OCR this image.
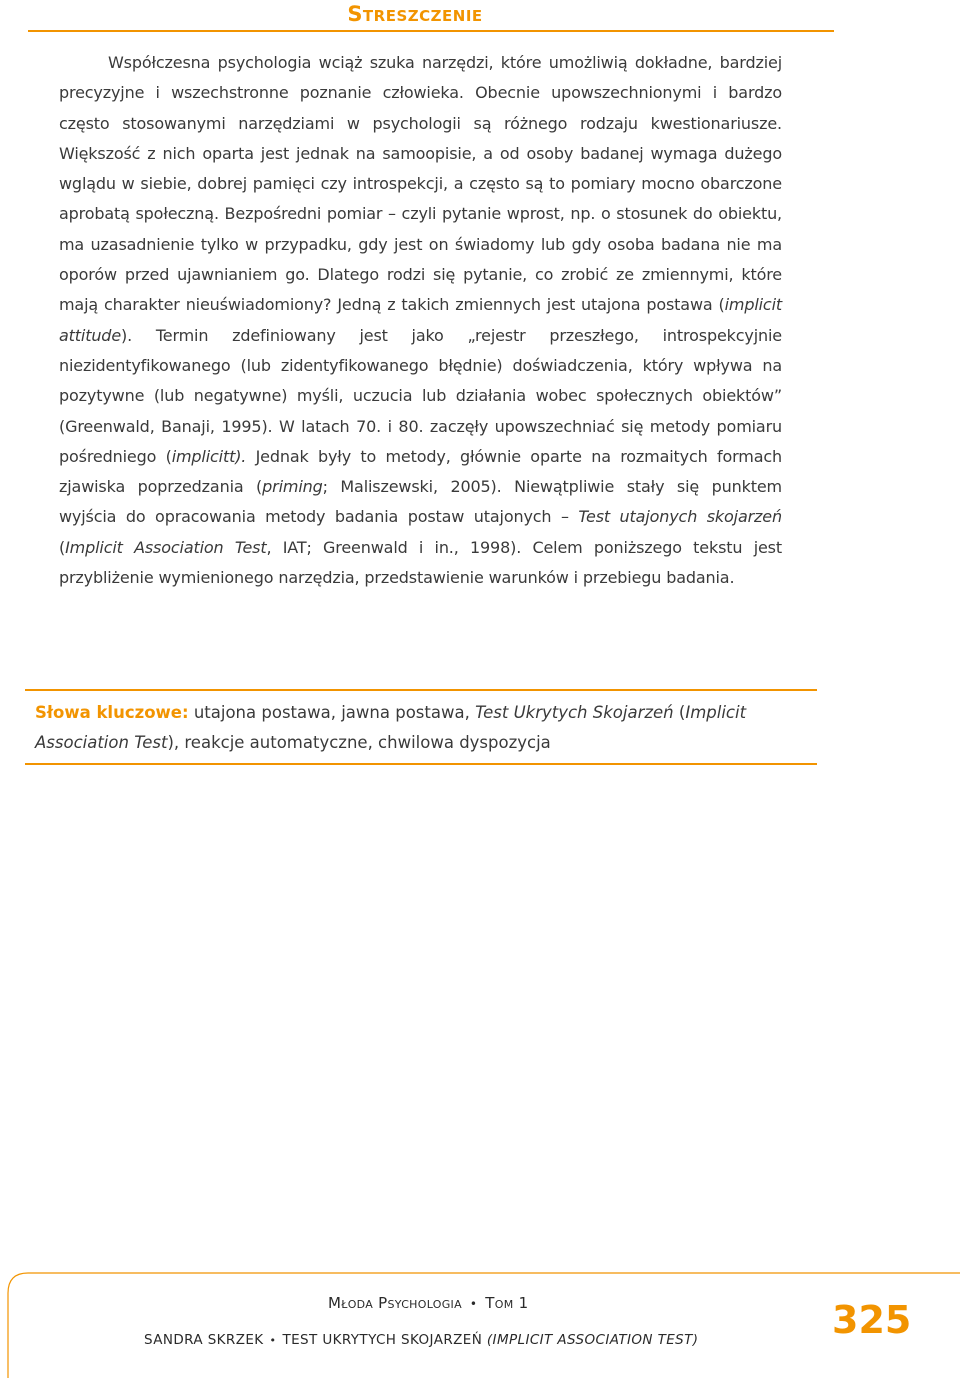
Streszczenie

Współczesna psychologia wciąż szuka narzędzi, które umożliwią dokładne, bardziej precyzyjne i wszechstronne poznanie człowieka. Obecnie upowszechnionymi i bardzo często stosowanymi narzędziami w psychologii są różnego rodzaju kwestionariusze. Większość z nich oparta jest jednak na samoopisie, a od osoby badanej wymaga dużego wglądu w siebie, dobrej pamięci czy introspekcji, a często są to pomiary mocno obarczone aprobatą społeczną. Bezpośredni pomiar – czyli pytanie wprost, np. o stosunek do obiektu, ma uzasadnienie tylko w przypadku, gdy jest on świadomy lub gdy osoba badana nie ma oporów przed ujawnianiem go. Dlatego rodzi się pytanie, co zrobić ze zmiennymi, które mają charakter nieuświadomiony? Jedną z takich zmiennych jest utajona postawa (implicit attitude). Termin zdefiniowany jest jako „rejestr przeszłego, introspekcyjnie niezidentyfikowanego (lub zidentyfikowanego błędnie) doświadczenia, który wpływa na pozytywne (lub negatywne) myśli, uczucia lub działania wobec społecznych obiektów” (Greenwald, Banaji, 1995). W latach 70. i 80. zaczęły upowszechniać się metody pomiaru pośredniego (implicitt). Jednak były to metody, głównie oparte na rozmaitych formach zjawiska poprzedzania (priming; Maliszewski, 2005). Niewątpliwie stały się punktem wyjścia do opracowania metody badania postaw utajonych – Test utajonych skojarzeń (Implicit Association Test, IAT; Greenwald i in., 1998). Celem poniższego tekstu jest przybliżenie wymienionego narzędzia, przedstawienie warunków i przebiegu badania.

Słowa kluczowe: utajona postawa, jawna postawa, Test Ukrytych Skojarzeń (Implicit Association Test), reakcje automatyczne, chwilowa dyspozycja

Młoda Psychologia • Tom 1
SANDRA SKRZEK • TEST UKRYTYCH SKOJARZEŃ (IMPLICIT ASSOCIATION TEST)	325
